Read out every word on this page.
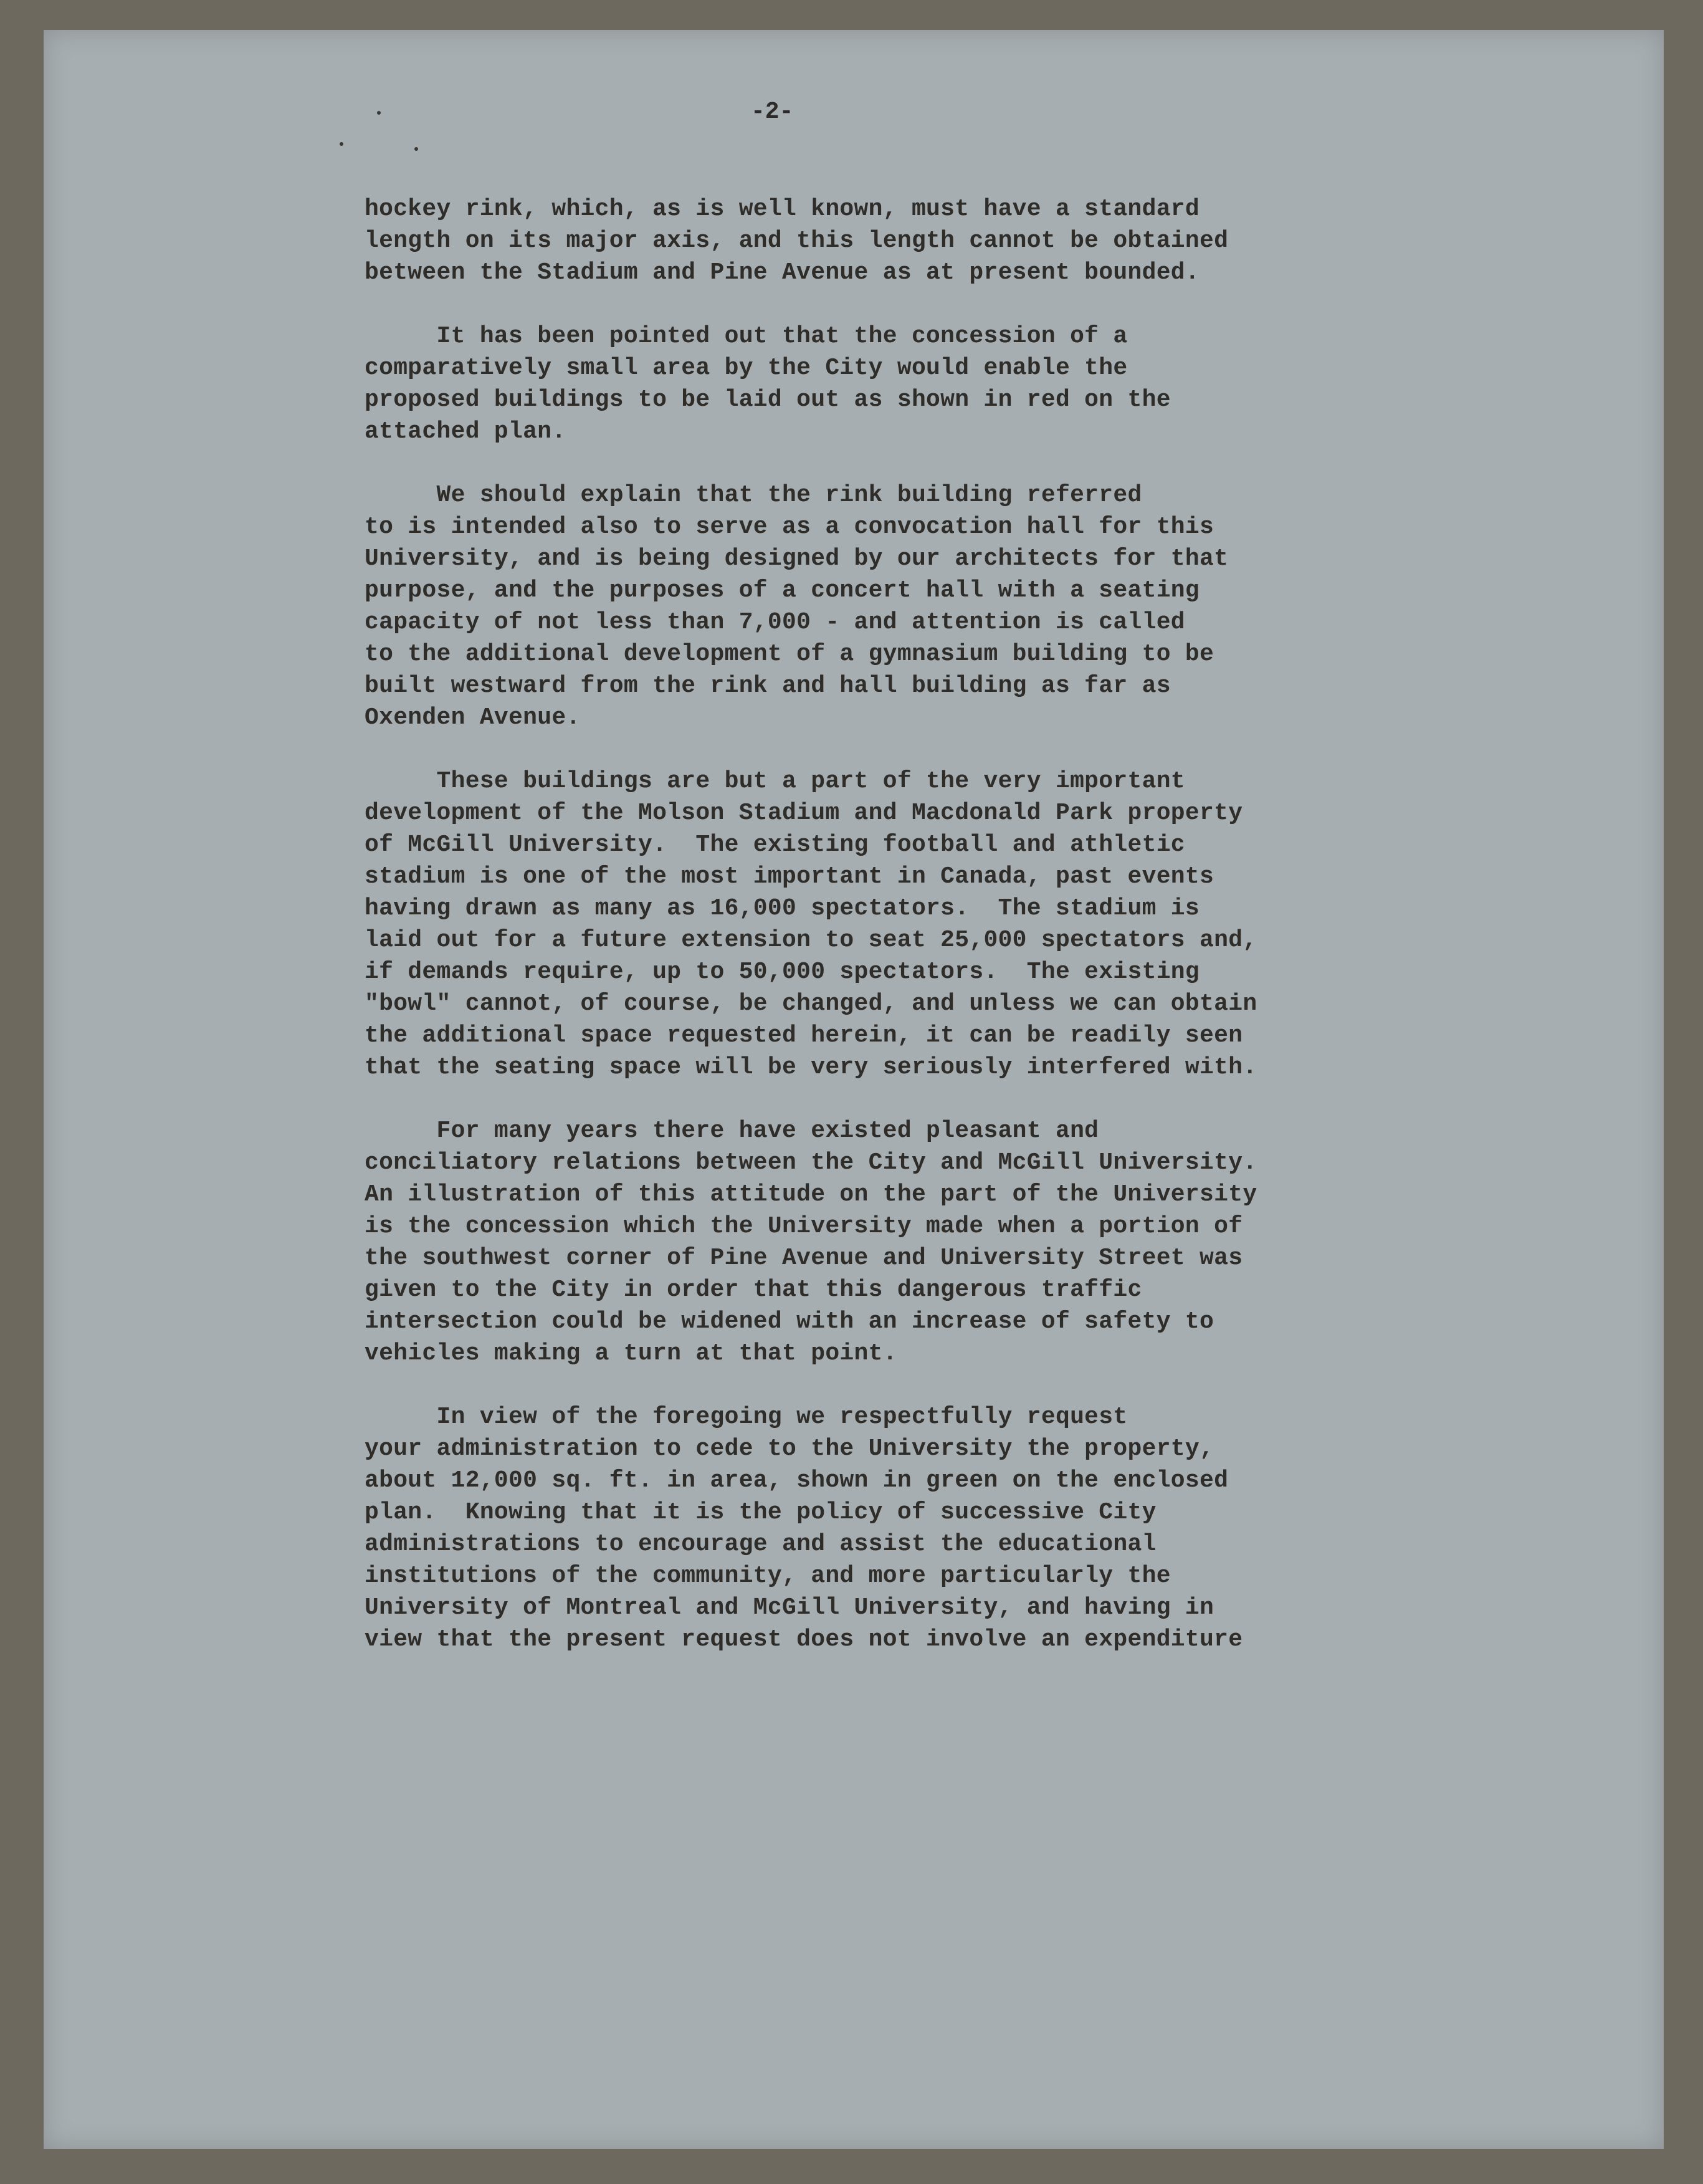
-2-
hockey rink, which, as is well known, must have a standard
length on its major axis, and this length cannot be obtained
between the Stadium and Pine Avenue as at present bounded.
It has been pointed out that the concession of a
comparatively small area by the City would enable the
proposed buildings to be laid out as shown in red on the
attached plan.
We should explain that the rink building referred
to is intended also to serve as a convocation hall for this
University, and is being designed by our architects for that
purpose, and the purposes of a concert hall with a seating
capacity of not less than 7,000 - and attention is called
to the additional development of a gymnasium building to be
built westward from the rink and hall building as far as
Oxenden Avenue.
These buildings are but a part of the very important
development of the Molson Stadium and Macdonald Park property
of McGill University.  The existing football and athletic
stadium is one of the most important in Canada, past events
having drawn as many as 16,000 spectators.  The stadium is
laid out for a future extension to seat 25,000 spectators and,
if demands require, up to 50,000 spectators.  The existing
"bowl" cannot, of course, be changed, and unless we can obtain
the additional space requested herein, it can be readily seen
that the seating space will be very seriously interfered with.
For many years there have existed pleasant and
conciliatory relations between the City and McGill University.
An illustration of this attitude on the part of the University
is the concession which the University made when a portion of
the southwest corner of Pine Avenue and University Street was
given to the City in order that this dangerous traffic
intersection could be widened with an increase of safety to
vehicles making a turn at that point.
In view of the foregoing we respectfully request
your administration to cede to the University the property,
about 12,000 sq. ft. in area, shown in green on the enclosed
plan.  Knowing that it is the policy of successive City
administrations to encourage and assist the educational
institutions of the community, and more particularly the
University of Montreal and McGill University, and having in
view that the present request does not involve an expenditure
